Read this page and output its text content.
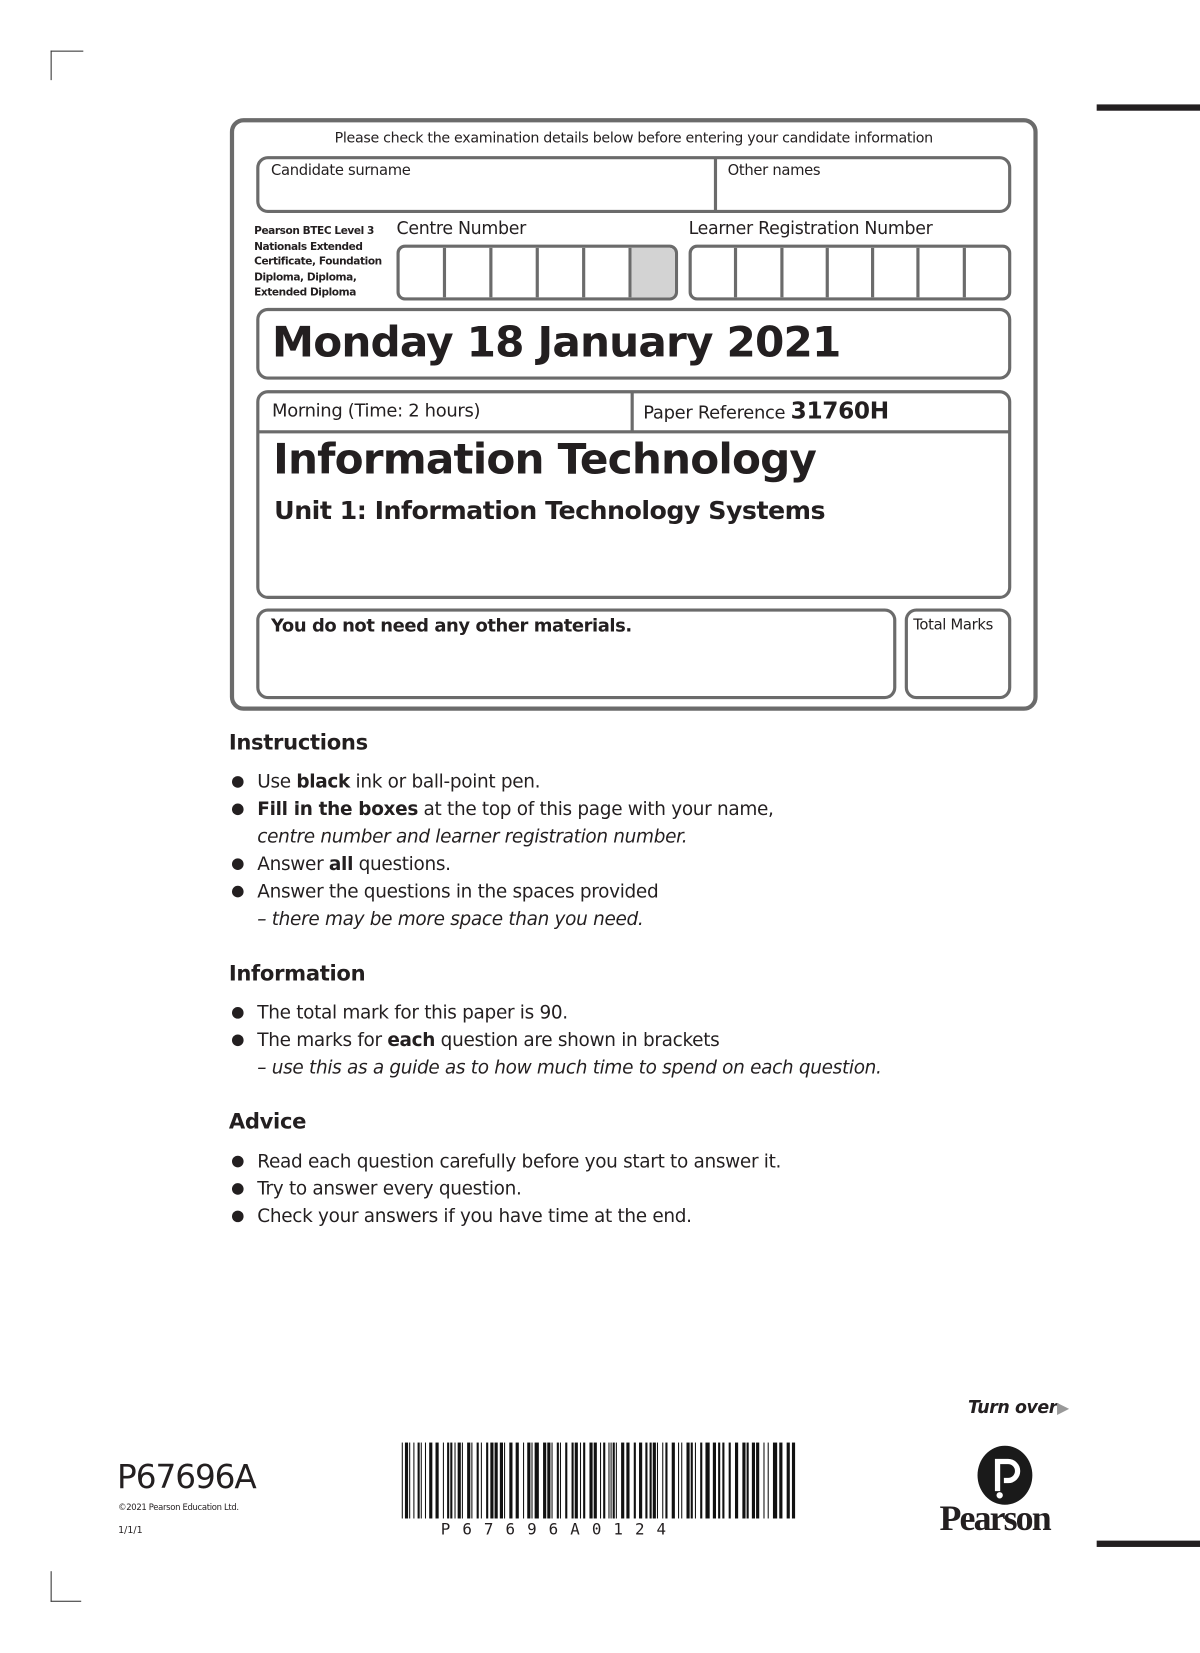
Please check the examination details below before entering your candidate information
Candidate surname	Other names
Pearson BTEC Level 3 Nationals Extended Certificate, Foundation Diploma, Diploma, Extended Diploma
Centre Number	Learner Registration Number
Monday 18 January 2021
Morning (Time: 2 hours)	Paper Reference 31760H
Information Technology
Unit 1: Information Technology Systems
You do not need any other materials.	Total Marks
Instructions
Use black ink or ball-point pen.
Fill in the boxes at the top of this page with your name,
centre number and learner registration number.
Answer all questions.
Answer the questions in the spaces provided
– there may be more space than you need.
Information
The total mark for this paper is 90.
The marks for each question are shown in brackets
– use this as a guide as to how much time to spend on each question.
Advice
Read each question carefully before you start to answer it.
Try to answer every question.
Check your answers if you have time at the end.
Turn over▶
P67696A
©2021 Pearson Education Ltd.
1/1/1	P 6 7 6 9 6 A 0 1 2 4	Pearson
